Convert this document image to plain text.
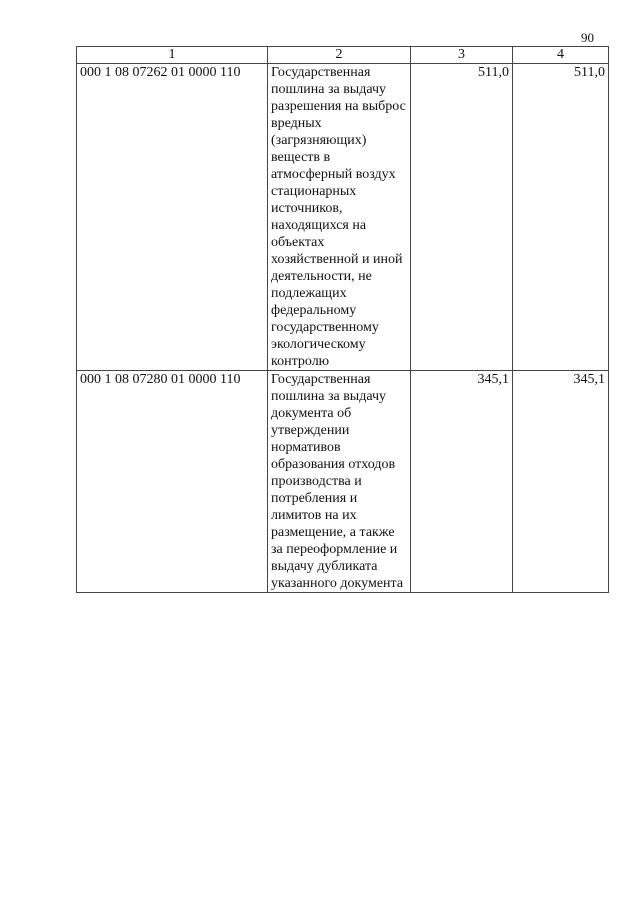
90
1	2	3	4
000 1 08 07262 01 0000 110	Государственная пошлина за выдачу разрешения на выброс вредных (загрязняющих) веществ в атмосферный воздух стационарных источников, находящихся на объектах хозяйственной и иной деятельности, не подлежащих федеральному государственному экологическому контролю	511,0	511,0
000 1 08 07280 01 0000 110	Государственная пошлина за выдачу документа об утверждении нормативов образования отходов производства и потребления и лимитов на их размещение, а также за переоформление и выдачу дубликата указанного документа	345,1	345,1
